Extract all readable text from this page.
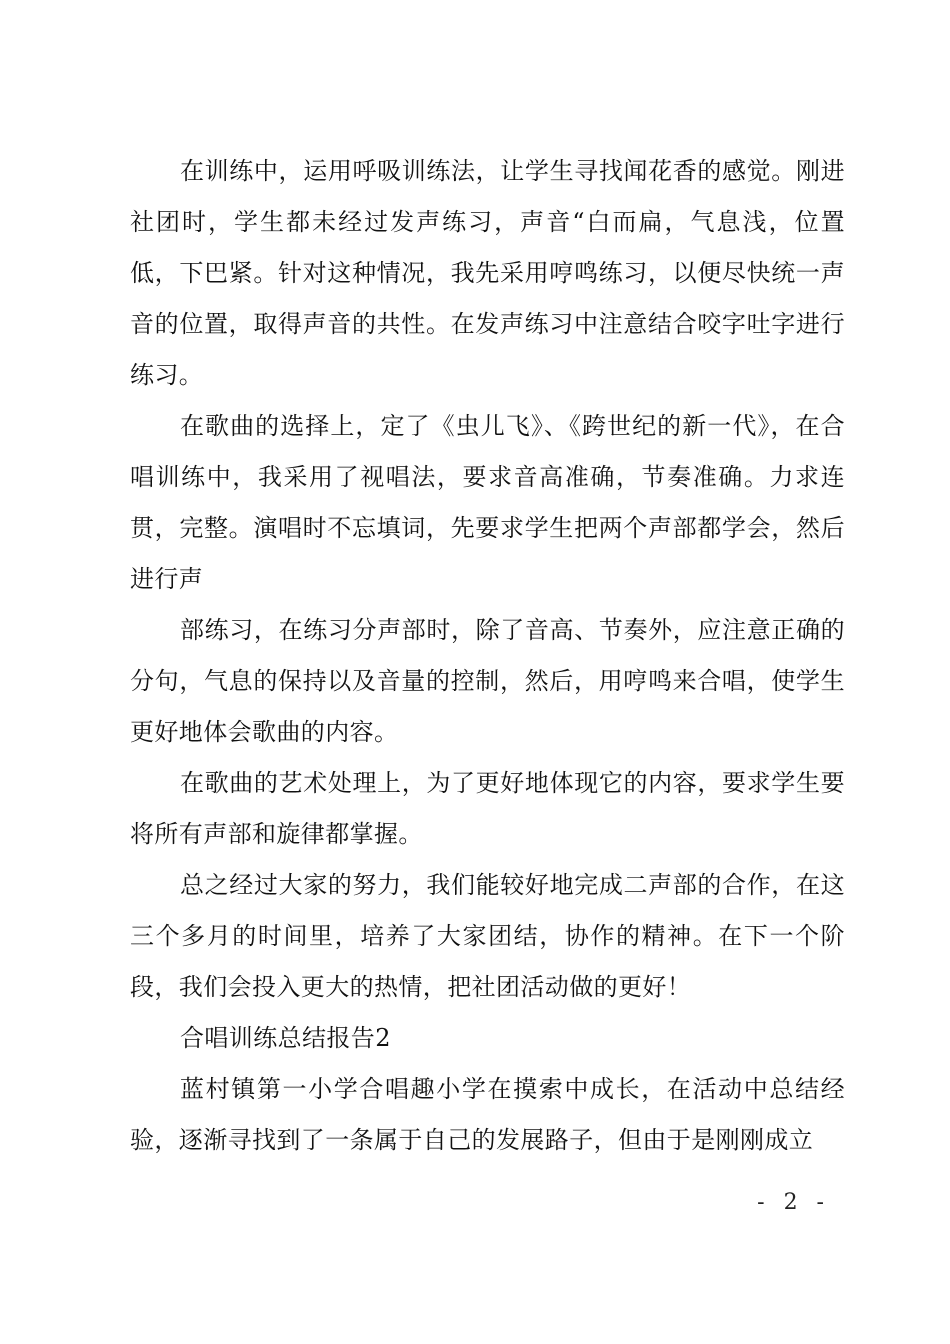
在训练中，运用呼吸训练法，让学生寻找闻花香的感觉。刚进社团时，学生都未经过发声练习，声音“白而扁，气息浅，位置低，下巴紧。针对这种情况，我先采用哼鸣练习，以便尽快统一声音的位置，取得声音的共性。在发声练习中注意结合咬字吐字进行练习。

在歌曲的选择上，定了《虫儿飞》、《跨世纪的新一代》，在合唱训练中，我采用了视唱法，要求音高准确，节奏准确。力求连贯，完整。演唱时不忘填词，先要求学生把两个声部都学会，然后进行声

部练习，在练习分声部时，除了音高、节奏外，应注意正确的分句，气息的保持以及音量的控制，然后，用哼鸣来合唱，使学生更好地体会歌曲的内容。

在歌曲的艺术处理上，为了更好地体现它的内容，要求学生要将所有声部和旋律都掌握。

总之经过大家的努力，我们能较好地完成二声部的合作，在这三个多月的时间里，培养了大家团结，协作的精神。在下一个阶段，我们会投入更大的热情，把社团活动做的更好！

合唱训练总结报告2

蓝村镇第一小学合唱趣小学在摸索中成长，在活动中总结经验，逐渐寻找到了一条属于自己的发展路子，但由于是刚刚成立

- 2 -
